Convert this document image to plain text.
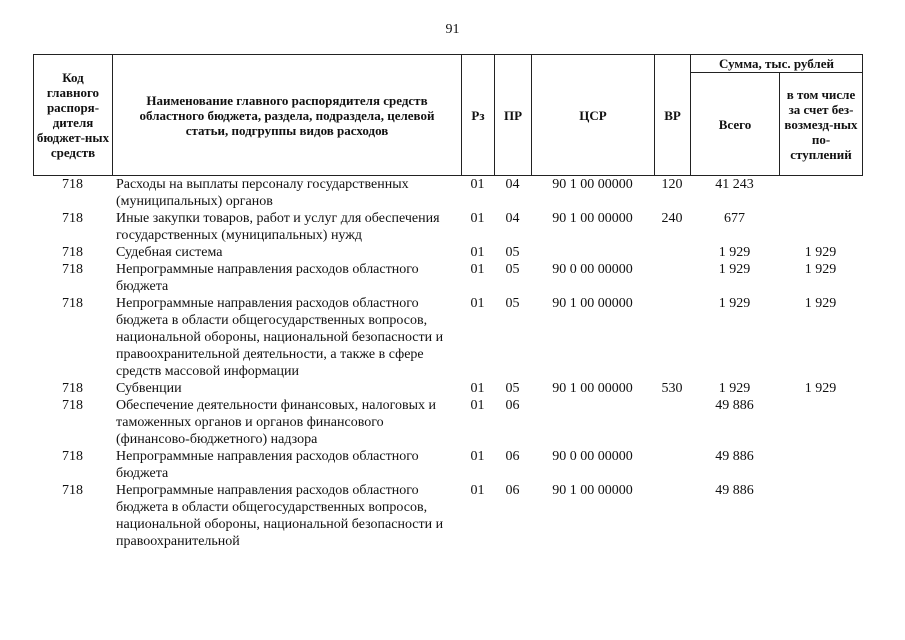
91
Код главного распоря-дителя бюджет-ных средств	Наименование главного распорядителя средств областного бюджета, раздела, подраздела, целевой статьи, подгруппы видов расходов	Рз	ПР	ЦСР	ВР	Сумма, тыс. рублей	
						Всего	в том числе за счет без-возмезд-ных по-ступлений
718	Расходы на выплаты персоналу государственных (муниципальных) органов	01	04	90 1 00 00000	120	41 243	
718	Иные закупки товаров, работ и услуг для обеспечения государственных (муниципальных) нужд	01	04	90 1 00 00000	240	677	
718	Судебная система	01	05			1 929	1 929
718	Непрограммные направления расходов областного бюджета	01	05	90 0 00 00000		1 929	1 929
718	Непрограммные направления расходов областного бюджета в области общегосударственных вопросов, национальной обороны, национальной безопасности и правоохранительной деятельности, а также в сфере средств массовой информации	01	05	90 1 00 00000		1 929	1 929
718	Субвенции	01	05	90 1 00 00000	530	1 929	1 929
718	Обеспечение деятельности финансовых, налоговых и таможенных органов и органов финансового (финансово-бюджетного) надзора	01	06			49 886	
718	Непрограммные направления расходов областного бюджета	01	06	90 0 00 00000		49 886	
718	Непрограммные направления расходов областного бюджета в области общегосударственных вопросов, национальной обороны, национальной безопасности и правоохранительной	01	06	90 1 00 00000		49 886	
